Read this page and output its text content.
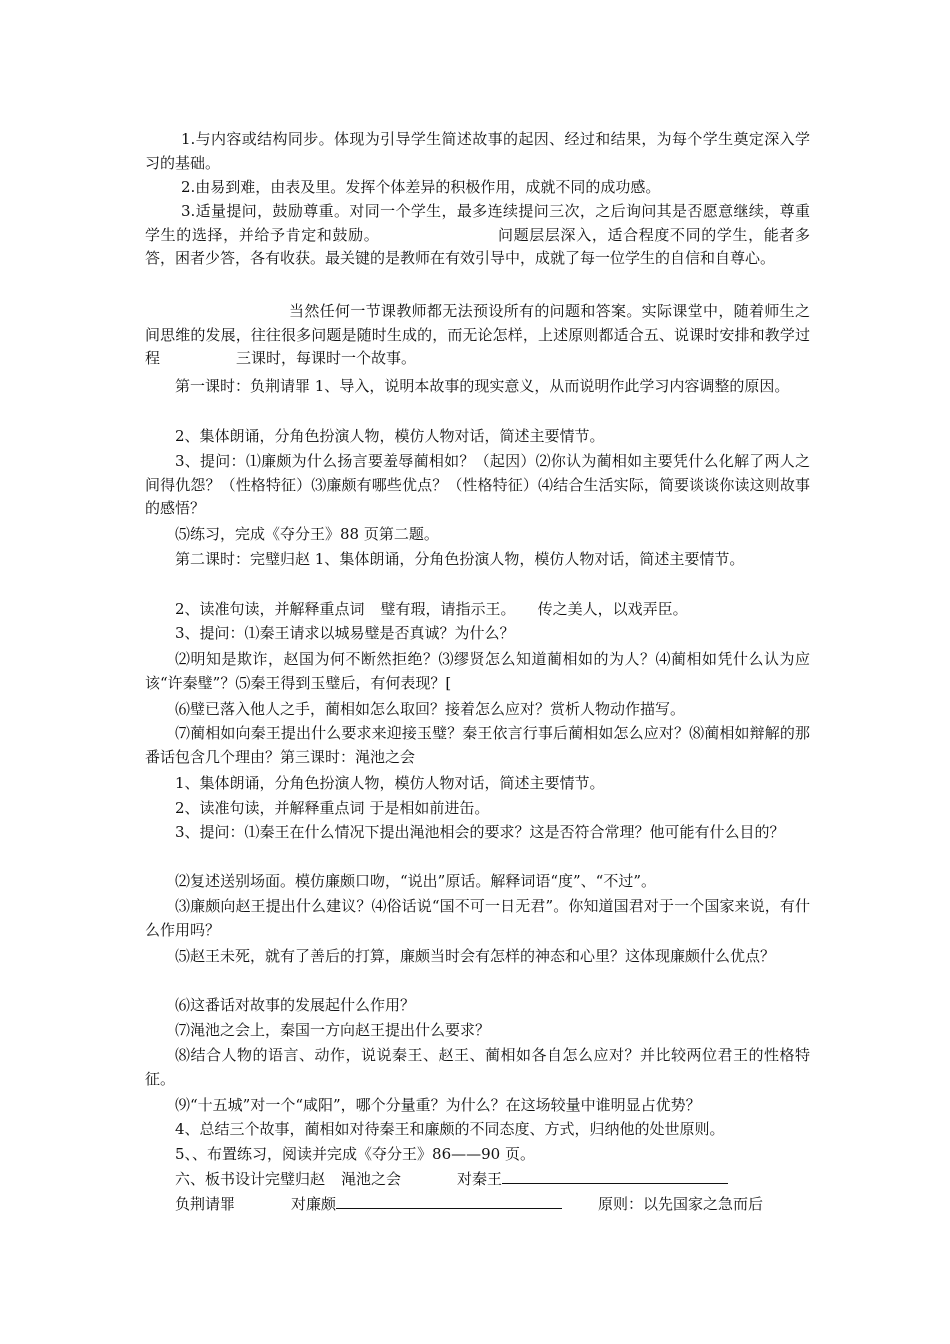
1.与内容或结构同步。体现为引导学生简述故事的起因、经过和结果，为每个学生奠定深入学习的基础。

2.由易到难，由表及里。发挥个体差异的积极作用，成就不同的成功感。

3.适量提问，鼓励尊重。对同一个学生，最多连续提问三次，之后询问其是否愿意继续，尊重学生的选择，并给予肯定和鼓励。	问题层层深入，适合程度不同的学生，能者多答，困者少答，各有收获。最关键的是教师在有效引导中，成就了每一位学生的自信和自尊心。

当然任何一节课教师都无法预设所有的问题和答案。实际课堂中，随着师生之间思维的发展，往往很多问题是随时生成的，而无论怎样，上述原则都适合五、说课时安排和教学过程	三课时，每课时一个故事。

第一课时：负荆请罪 1、导入，说明本故事的现实意义，从而说明作此学习内容调整的原因。

2、集体朗诵，分角色扮演人物，模仿人物对话，简述主要情节。

3、提问：⑴廉颇为什么扬言要羞辱蔺相如？（起因）⑵你认为蔺相如主要凭什么化解了两人之间得仇怨？（性格特征）⑶廉颇有哪些优点？（性格特征）⑷结合生活实际，简要谈谈你读这则故事的感悟？

⑸练习，完成《夺分王》88 页第二题。

第二课时：完璧归赵 1、集体朗诵，分角色扮演人物，模仿人物对话，简述主要情节。

2、读准句读，并解释重点词 璧有瑕，请指示王。 传之美人，以戏弄臣。

3、提问：⑴秦王请求以城易璧是否真诚？为什么？

⑵明知是欺诈，赵国为何不断然拒绝？⑶缪贤怎么知道蔺相如的为人？⑷蔺相如凭什么认为应该“许秦璧”？⑸秦王得到玉璧后，有何表现？[

⑹璧已落入他人之手，蔺相如怎么取回？接着怎么应对？赏析人物动作描写。

⑺蔺相如向秦王提出什么要求来迎接玉璧？秦王依言行事后蔺相如怎么应对？⑻蔺相如辩解的那番话包含几个理由？第三课时：渑池之会

1、集体朗诵，分角色扮演人物，模仿人物对话，简述主要情节。

2、读准句读，并解释重点词 于是相如前进缶。

3、提问：⑴秦王在什么情况下提出渑池相会的要求？这是否符合常理？他可能有什么目的？

⑵复述送别场面。模仿廉颇口吻，“说出”原话。解释词语“度”、“不过”。

⑶廉颇向赵王提出什么建议？⑷俗话说“国不可一日无君”。你知道国君对于一个国家来说，有什么作用吗？

⑸赵王未死，就有了善后的打算，廉颇当时会有怎样的神态和心里？这体现廉颇什么优点？

⑹这番话对故事的发展起什么作用？

⑺渑池之会上，秦国一方向赵王提出什么要求？

⑻结合人物的语言、动作，说说秦王、赵王、蔺相如各自怎么应对？并比较两位君王的性格特征。

⑼“十五城”对一个“咸阳”，哪个分量重？为什么？在这场较量中谁明显占优势？

4、总结三个故事，蔺相如对待秦王和廉颇的不同态度、方式，归纳他的处世原则。

5、、布置练习，阅读并完成《夺分王》86——90 页。

六、板书设计完璧归赵 渑池之会	对秦王

负荆请罪	对廉颇	原则：以先国家之急而后
